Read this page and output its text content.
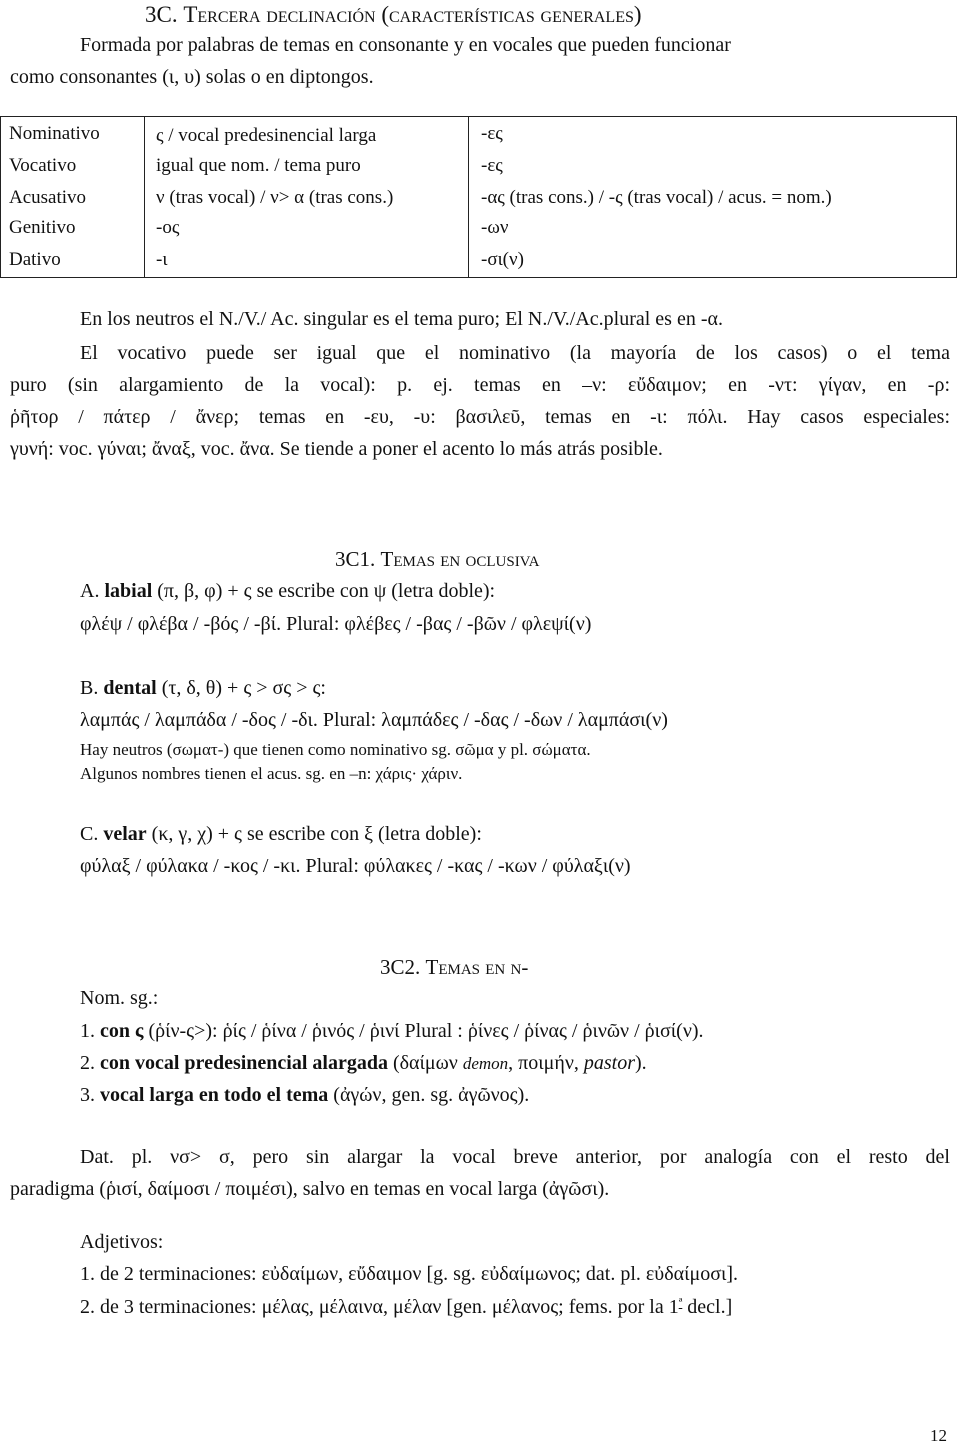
3C. Tercera declinación (características generales)
Formada por palabras de temas en consonante y en vocales que pueden funcionar
como consonantes (ι, υ) solas o en diptongos.
Nominativo	ς / vocal predesinencial larga	-ες
Vocativo	igual que nom. / tema puro	-ες
Acusativo	ν (tras vocal) / ν> α (tras cons.)	-ας (tras cons.) / -ς (tras vocal) / acus. = nom.)
Genitivo	-ος	-ων
Dativo	-ι	-σι(ν)
En los neutros el N./V./ Ac. singular es el tema puro; El N./V./Ac.plural es en -α.
El vocativo puede ser igual que el nominativo (la mayoría de los casos) o el tema
puro (sin alargamiento de la vocal): p. ej. temas en –ν: εὔδαιμον; en -ντ: γίγαν, en -ρ:
ῥῆτορ / πάτερ / ἄνερ; temas en -ευ, -υ: βασιλεῦ, temas en -ι: πόλι. Hay casos especiales:
γυνή: voc. γύναι; ἄναξ, voc. ἄνα. Se tiende a poner el acento lo más atrás posible.
3C1. Temas en oclusiva
A. labial (π, β, φ) + ς se escribe con ψ (letra doble):
φλέψ / φλέβα / -βός / -βί. Plural: φλέβες / -βας / -βῶν / φλεψί(ν)
B. dental (τ, δ, θ) + ς > σς > ς:
λαμπάς / λαμπάδα / -δος / -δι. Plural: λαμπάδες / -δας / -δων / λαμπάσι(ν)
Hay neutros (σωματ-) que tienen como nominativo sg. σῶμα y pl. σώματα.
Algunos nombres tienen el acus. sg. en –n: χάρις· χάριν.
C. velar (κ, γ, χ) + ς se escribe con ξ (letra doble):
φύλαξ / φύλακα / -κος / -κι. Plural: φύλακες / -κας / -κων / φύλαξι(ν)
3C2. Temas en ν-
Nom. sg.:
1. con ς (ῥίν-ς>): ῥίς / ῥίνα / ῥινός / ῥινί Plural : ῥίνες / ῥίνας / ῥινῶν / ῥισί(ν).
2. con vocal predesinencial alargada (δαίμων demon, ποιμήν, pastor).
3. vocal larga en todo el tema (ἀγών, gen. sg. ἀγῶνος).
Dat. pl. νσ> σ, pero sin alargar la vocal breve anterior, por analogía con el resto del
paradigma (ῥισί, δαίμοσι / ποιμέσι), salvo en temas en vocal larga (ἀγῶσι).
Adjetivos:
1. de 2 terminaciones: εὐδαίμων, εὔδαιμον [g. sg. εὐδαίμωνος; dat. pl. εὐδαίμοσι].
2. de 3 terminaciones: μέλας, μέλαινα, μέλαν [gen. μέλανος; fems. por la $1^ª$ decl.]
12
